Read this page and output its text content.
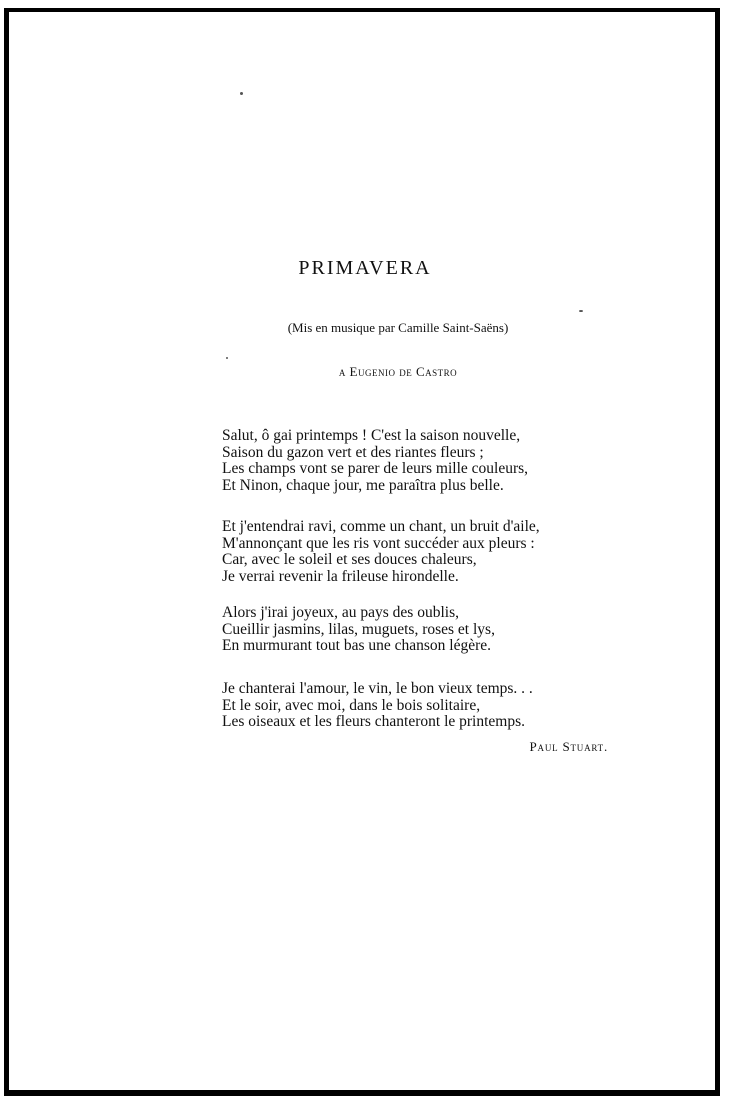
PRIMAVERA
(Mis en musique par Camille Saint-Saëns)
a Eugenio de Castro
Salut, ô gai printemps ! C'est la saison nouvelle,
Saison du gazon vert et des riantes fleurs ;
Les champs vont se parer de leurs mille couleurs,
Et Ninon, chaque jour, me paraîtra plus belle.
Et j'entendrai ravi, comme un chant, un bruit d'aile,
M'annonçant que les ris vont succéder aux pleurs :
Car, avec le soleil et ses douces chaleurs,
Je verrai revenir la frileuse hirondelle.
Alors j'irai joyeux, au pays des oublis,
Cueillir jasmins, lilas, muguets, roses et lys,
En murmurant tout bas une chanson légère.
Je chanterai l'amour, le vin, le bon vieux temps. . .
Et le soir, avec moi, dans le bois solitaire,
Les oiseaux et les fleurs chanteront le printemps.
Paul Stuart.
